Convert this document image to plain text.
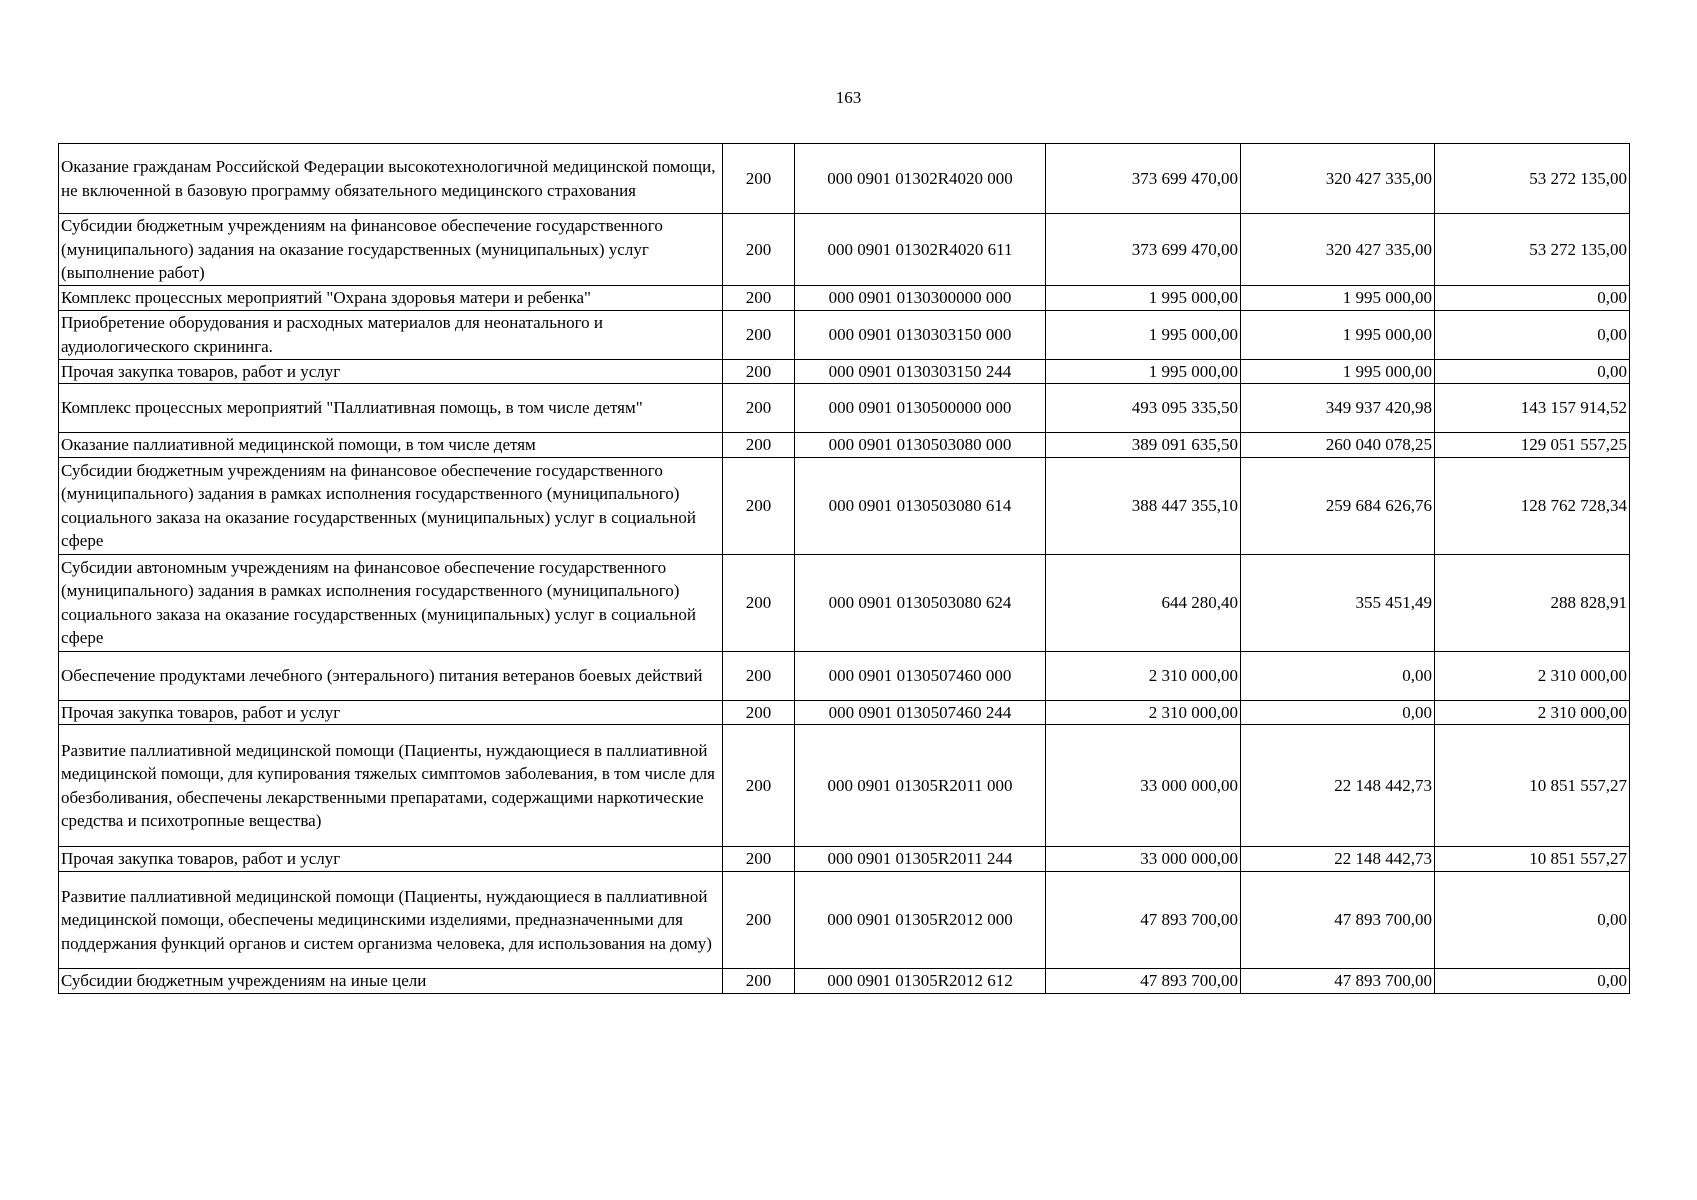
163
Оказание гражданам Российской Федерации высокотехнологичной медицинской помощи, не включенной в базовую программу обязательного медицинского страхования	200	000 0901 01302R4020 000	373 699 470,00	320 427 335,00	53 272 135,00
Субсидии бюджетным учреждениям на финансовое обеспечение государственного (муниципального) задания на оказание государственных (муниципальных) услуг (выполнение работ)	200	000 0901 01302R4020 611	373 699 470,00	320 427 335,00	53 272 135,00
Комплекс процессных мероприятий "Охрана здоровья матери и ребенка"	200	000 0901 0130300000 000	1 995 000,00	1 995 000,00	0,00
Приобретение оборудования и расходных материалов для неонатального и аудиологического скрининга.	200	000 0901 0130303150 000	1 995 000,00	1 995 000,00	0,00
Прочая закупка товаров, работ и услуг	200	000 0901 0130303150 244	1 995 000,00	1 995 000,00	0,00
Комплекс процессных мероприятий "Паллиативная помощь, в том числе детям"	200	000 0901 0130500000 000	493 095 335,50	349 937 420,98	143 157 914,52
Оказание паллиативной медицинской помощи, в том числе детям	200	000 0901 0130503080 000	389 091 635,50	260 040 078,25	129 051 557,25
Субсидии бюджетным учреждениям на финансовое обеспечение государственного (муниципального) задания в рамках исполнения государственного (муниципального) социального заказа на оказание государственных (муниципальных) услуг в социальной сфере	200	000 0901 0130503080 614	388 447 355,10	259 684 626,76	128 762 728,34
Субсидии автономным учреждениям на финансовое обеспечение государственного (муниципального) задания в рамках исполнения государственного (муниципального) социального заказа на оказание государственных (муниципальных) услуг в социальной сфере	200	000 0901 0130503080 624	644 280,40	355 451,49	288 828,91
Обеспечение продуктами лечебного (энтерального) питания ветеранов боевых действий	200	000 0901 0130507460 000	2 310 000,00	0,00	2 310 000,00
Прочая закупка товаров, работ и услуг	200	000 0901 0130507460 244	2 310 000,00	0,00	2 310 000,00
Развитие паллиативной медицинской помощи (Пациенты, нуждающиеся в паллиативной медицинской помощи, для купирования тяжелых симптомов заболевания, в том числе для обезболивания, обеспечены лекарственными препаратами, содержащими наркотические средства и психотропные вещества)	200	000 0901 01305R2011 000	33 000 000,00	22 148 442,73	10 851 557,27
Прочая закупка товаров, работ и услуг	200	000 0901 01305R2011 244	33 000 000,00	22 148 442,73	10 851 557,27
Развитие паллиативной медицинской помощи (Пациенты, нуждающиеся в паллиативной медицинской помощи, обеспечены медицинскими изделиями, предназначенными для поддержания функций органов и систем организма человека, для использования на дому)	200	000 0901 01305R2012 000	47 893 700,00	47 893 700,00	0,00
Субсидии бюджетным учреждениям на иные цели	200	000 0901 01305R2012 612	47 893 700,00	47 893 700,00	0,00
